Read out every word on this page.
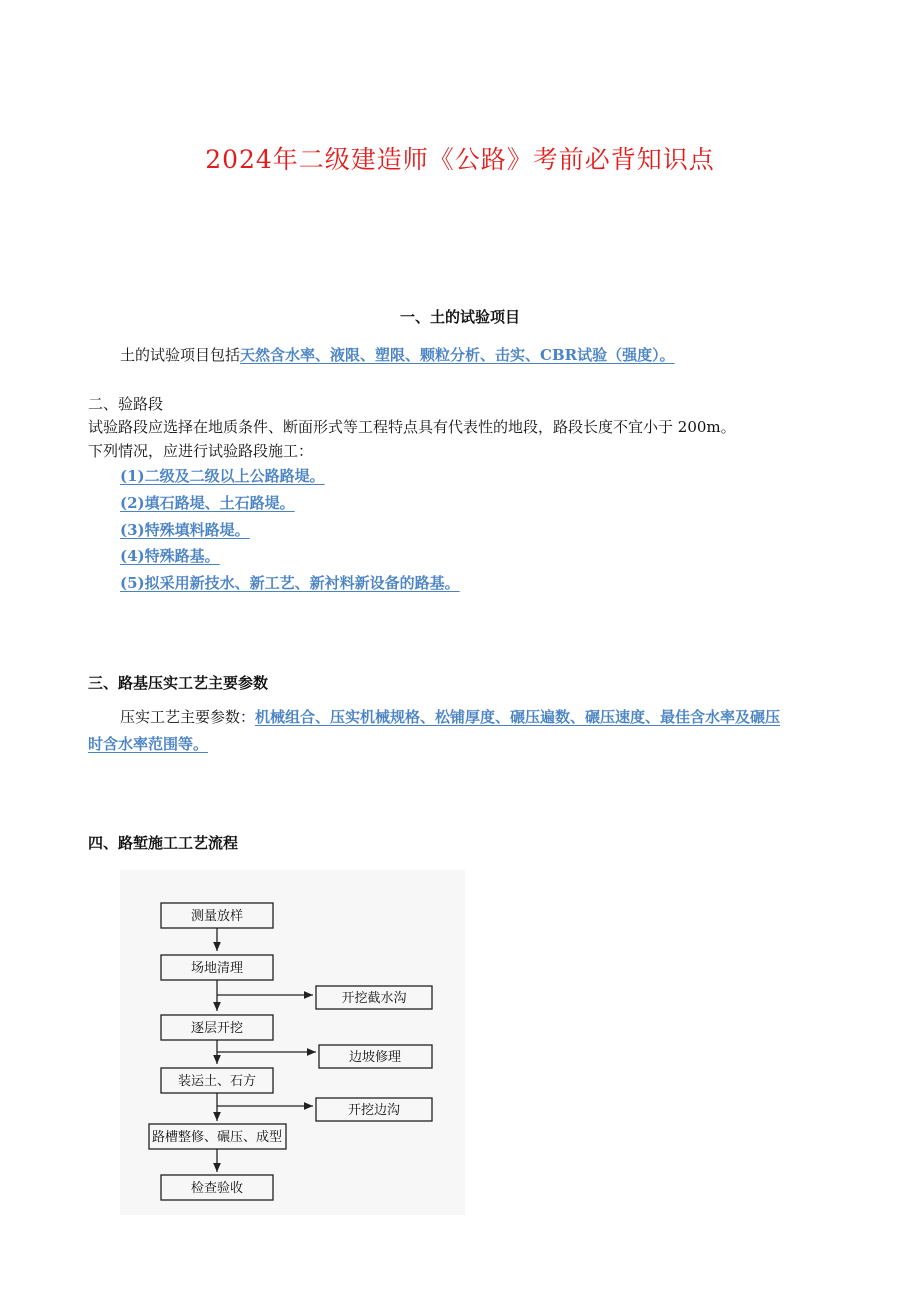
2024年二级建造师《公路》考前必背知识点
一、土的试验项目
土的试验项目包括天然含水率、液限、塑限、颗粒分析、击实、CBR试验（强度）。
二、验路段
试验路段应选择在地质条件、断面形式等工程特点具有代表性的地段，路段长度不宜小于 200m。
下列情况，应进行试验路段施工：
(1)二级及二级以上公路路堤。
(2)填石路堤、土石路堤。
(3)特殊填料路堤。
(4)特殊路基。
(5)拟采用新技水、新工艺、新衬料新设备的路基。
三、路基压实工艺主要参数
压实工艺主要参数：机械组合、压实机械规格、松铺厚度、碾压遍数、碾压速度、最佳含水率及碾压
时含水率范围等。
四、路堑施工工艺流程
测量放样
场地清理
逐层开挖
装运土、石方
路槽整修、碾压、成型
检查验收
开挖截水沟
边坡修理
开挖边沟
